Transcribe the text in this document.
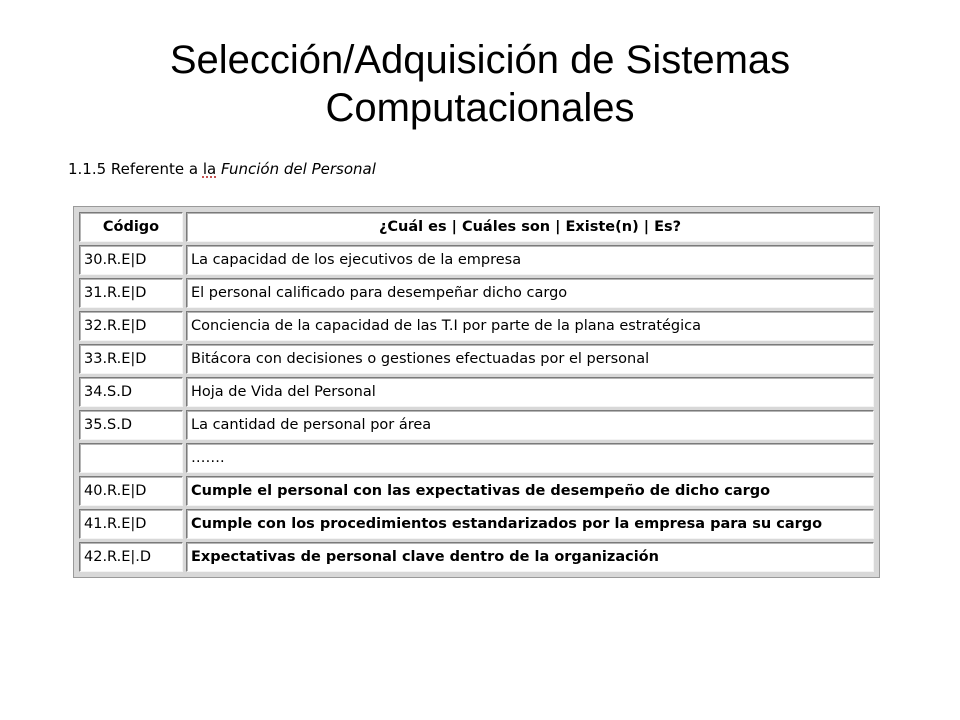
Selección/Adquisición de Sistemas
Computacionales
1.1.5 Referente a la Función del Personal
Código	¿Cuál es | Cuáles son | Existe(n) | Es?
30.R.E|D	La capacidad de los ejecutivos de la empresa
31.R.E|D	El personal calificado para desempeñar dicho cargo
32.R.E|D	Conciencia de la capacidad de las T.I por parte de la plana estratégica
33.R.E|D	Bitácora con decisiones o gestiones efectuadas por el personal
34.S.D	Hoja de Vida del Personal
35.S.D	La cantidad de personal por área
	…….
40.R.E|D	Cumple el personal con las expectativas de desempeño de dicho cargo
41.R.E|D	Cumple con los procedimientos estandarizados por la empresa para su cargo
42.R.E|.D	Expectativas de personal clave dentro de la organización
